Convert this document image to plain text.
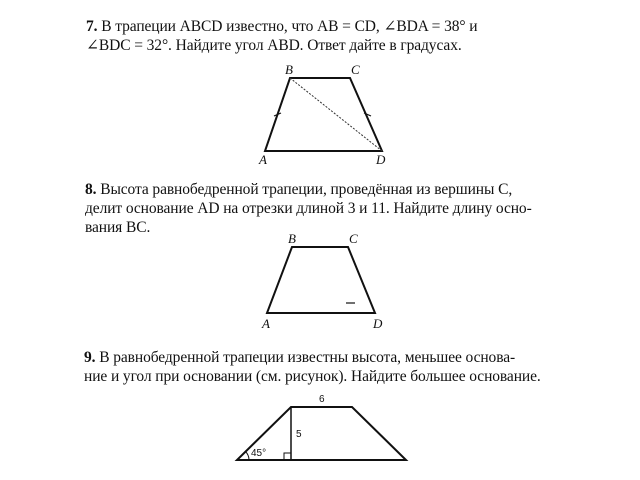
7. В трапеции ABCD известно, что AB = CD, ∠BDA = 38° и
∠BDC = 32°. Найдите угол ABD. Ответ дайте в градусах.
8. Высота равнобедренной трапеции, проведённая из вершины C,
делит основание AD на отрезки длиной 3 и 11. Найдите длину осно-
вания BC.
9. В равнобедренной трапеции известны высота, меньшее основа-
ние и угол при основании (см. рисунок). Найдите большее основание.
B	C
A	D
B	C
A	D
6
5
45°
